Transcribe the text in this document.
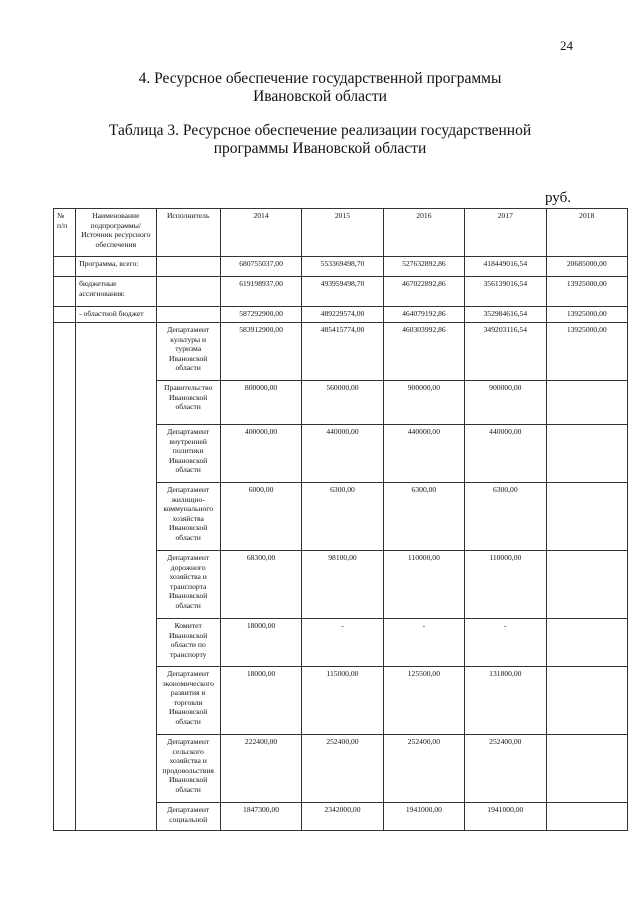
24
4. Ресурсное обеспечение государственной программы
Ивановской области
Таблица 3. Ресурсное обеспечение реализации государственной
программы Ивановской области
руб.
№ п/п	Наименование подпрограммы/ Источник ресурсного обеспечения	Исполнитель	2014	2015	2016	2017	2018
	Программа, всего:		680755037,00	553369498,70	527632892,86	418449016,54	20685000,00
	бюджетные ассигнования:		619198937,00	493959498,70	467022892,86	356139016,54	13925000,00
	- областной бюджет		587292900,00	489229574,00	464079192,86	352984616,54	13925000,00
		Департамент культуры и туризма Ивановской области	583912900,00	485415774,00	460303992,86	349203116,54	13925000,00
		Правительство Ивановской области	800000,00	560000,00	900000,00	900000,00	
		Департамент внутренней политики Ивановской области	400000,00	440000,00	440000,00	440000,00	
		Департамент жилищно-коммунального хозяйства Ивановской области	6000,00	6300,00	6300,00	6300,00	
		Департамент дорожного хозяйства и транспорта Ивановской области	68300,00	98100,00	110000,00	110000,00	
		Комитет Ивановской области по транспорту	18000,00	-	-	-	
		Департамент экономического развития и торговли Ивановской области	18000,00	115000,00	125500,00	131800,00	
		Департамент сельского хозяйства и продовольствия Ивановской области	222400,00	252400,00	252400,00	252400,00	
		Департамент социальной	1847300,00	2342000,00	1941000,00	1941000,00	
